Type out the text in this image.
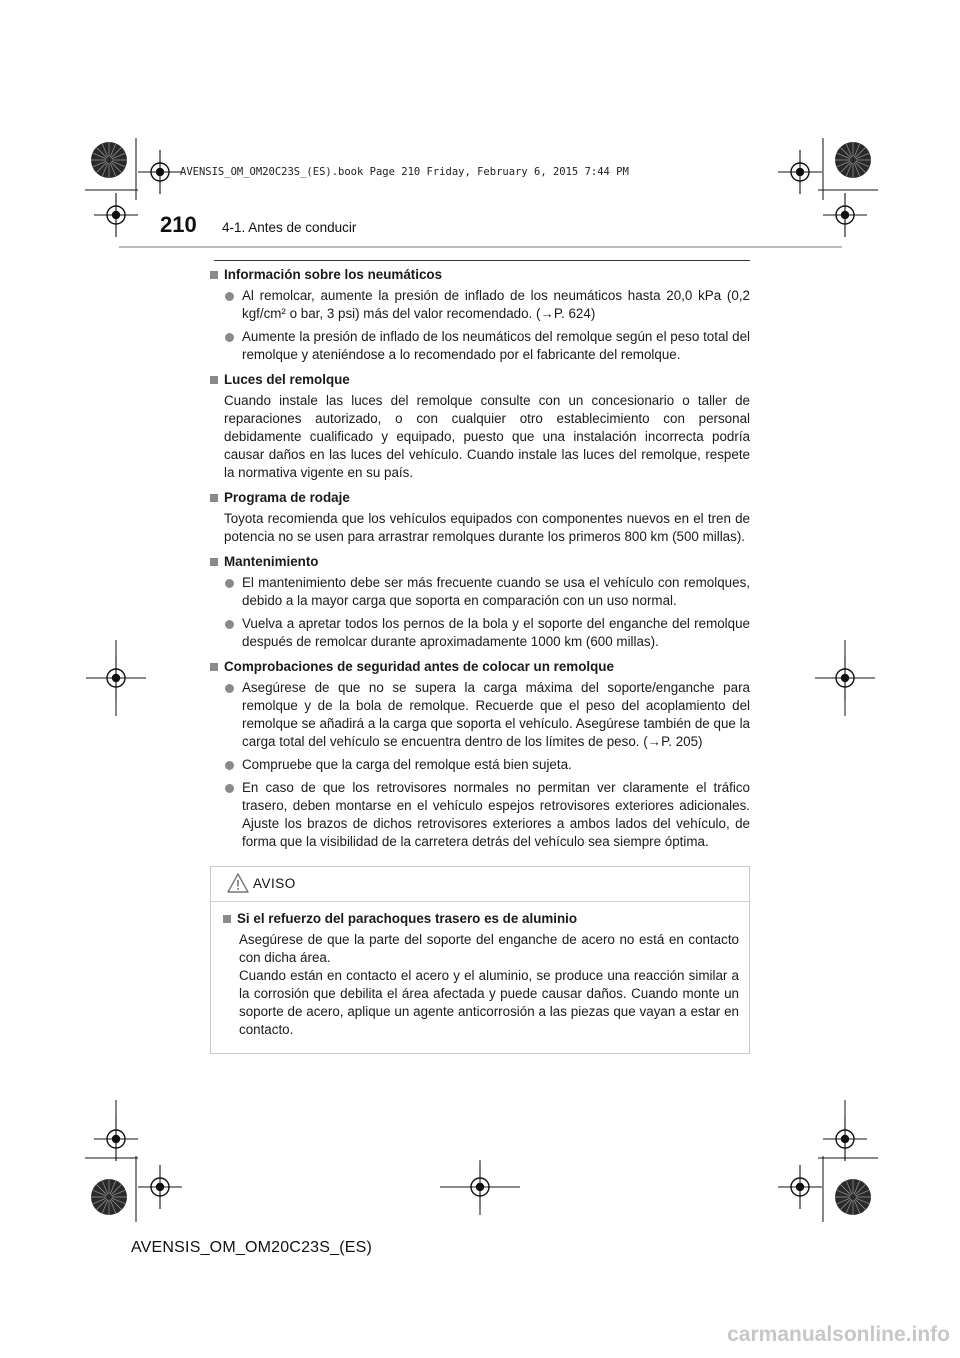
AVENSIS_OM_OM20C23S_(ES).book Page 210 Friday, February 6, 2015 7:44 PM
210 4-1. Antes de conducir
Información sobre los neumáticos
Al remolcar, aumente la presión de inflado de los neumáticos hasta 20,0 kPa (0,2 kgf/cm² o bar, 3 psi) más del valor recomendado. (→P. 624)
Aumente la presión de inflado de los neumáticos del remolque según el peso total del remolque y ateniéndose a lo recomendado por el fabricante del remolque.
Luces del remolque
Cuando instale las luces del remolque consulte con un concesionario o taller de reparaciones autorizado, o con cualquier otro establecimiento con personal debidamente cualificado y equipado, puesto que una instalación incorrecta podría causar daños en las luces del vehículo. Cuando instale las luces del remolque, respete la normativa vigente en su país.
Programa de rodaje
Toyota recomienda que los vehículos equipados con componentes nuevos en el tren de potencia no se usen para arrastrar remolques durante los primeros 800 km (500 millas).
Mantenimiento
El mantenimiento debe ser más frecuente cuando se usa el vehículo con remolques, debido a la mayor carga que soporta en comparación con un uso normal.
Vuelva a apretar todos los pernos de la bola y el soporte del enganche del remolque después de remolcar durante aproximadamente 1000 km (600 millas).
Comprobaciones de seguridad antes de colocar un remolque
Asegúrese de que no se supera la carga máxima del soporte/enganche para remolque y de la bola de remolque. Recuerde que el peso del acoplamiento del remolque se añadirá a la carga que soporta el vehículo. Asegúrese también de que la carga total del vehículo se encuentra dentro de los límites de peso. (→P. 205)
Compruebe que la carga del remolque está bien sujeta.
En caso de que los retrovisores normales no permitan ver claramente el tráfico trasero, deben montarse en el vehículo espejos retrovisores exteriores adicionales. Ajuste los brazos de dichos retrovisores exteriores a ambos lados del vehículo, de forma que la visibilidad de la carretera detrás del vehículo sea siempre óptima.
AVISO
Si el refuerzo del parachoques trasero es de aluminio
Asegúrese de que la parte del soporte del enganche de acero no está en contacto con dicha área.
Cuando están en contacto el acero y el aluminio, se produce una reacción similar a la corrosión que debilita el área afectada y puede causar daños. Cuando monte un soporte de acero, aplique un agente anticorrosión a las piezas que vayan a estar en contacto.
AVENSIS_OM_OM20C23S_(ES)
carmanualsonline.info
